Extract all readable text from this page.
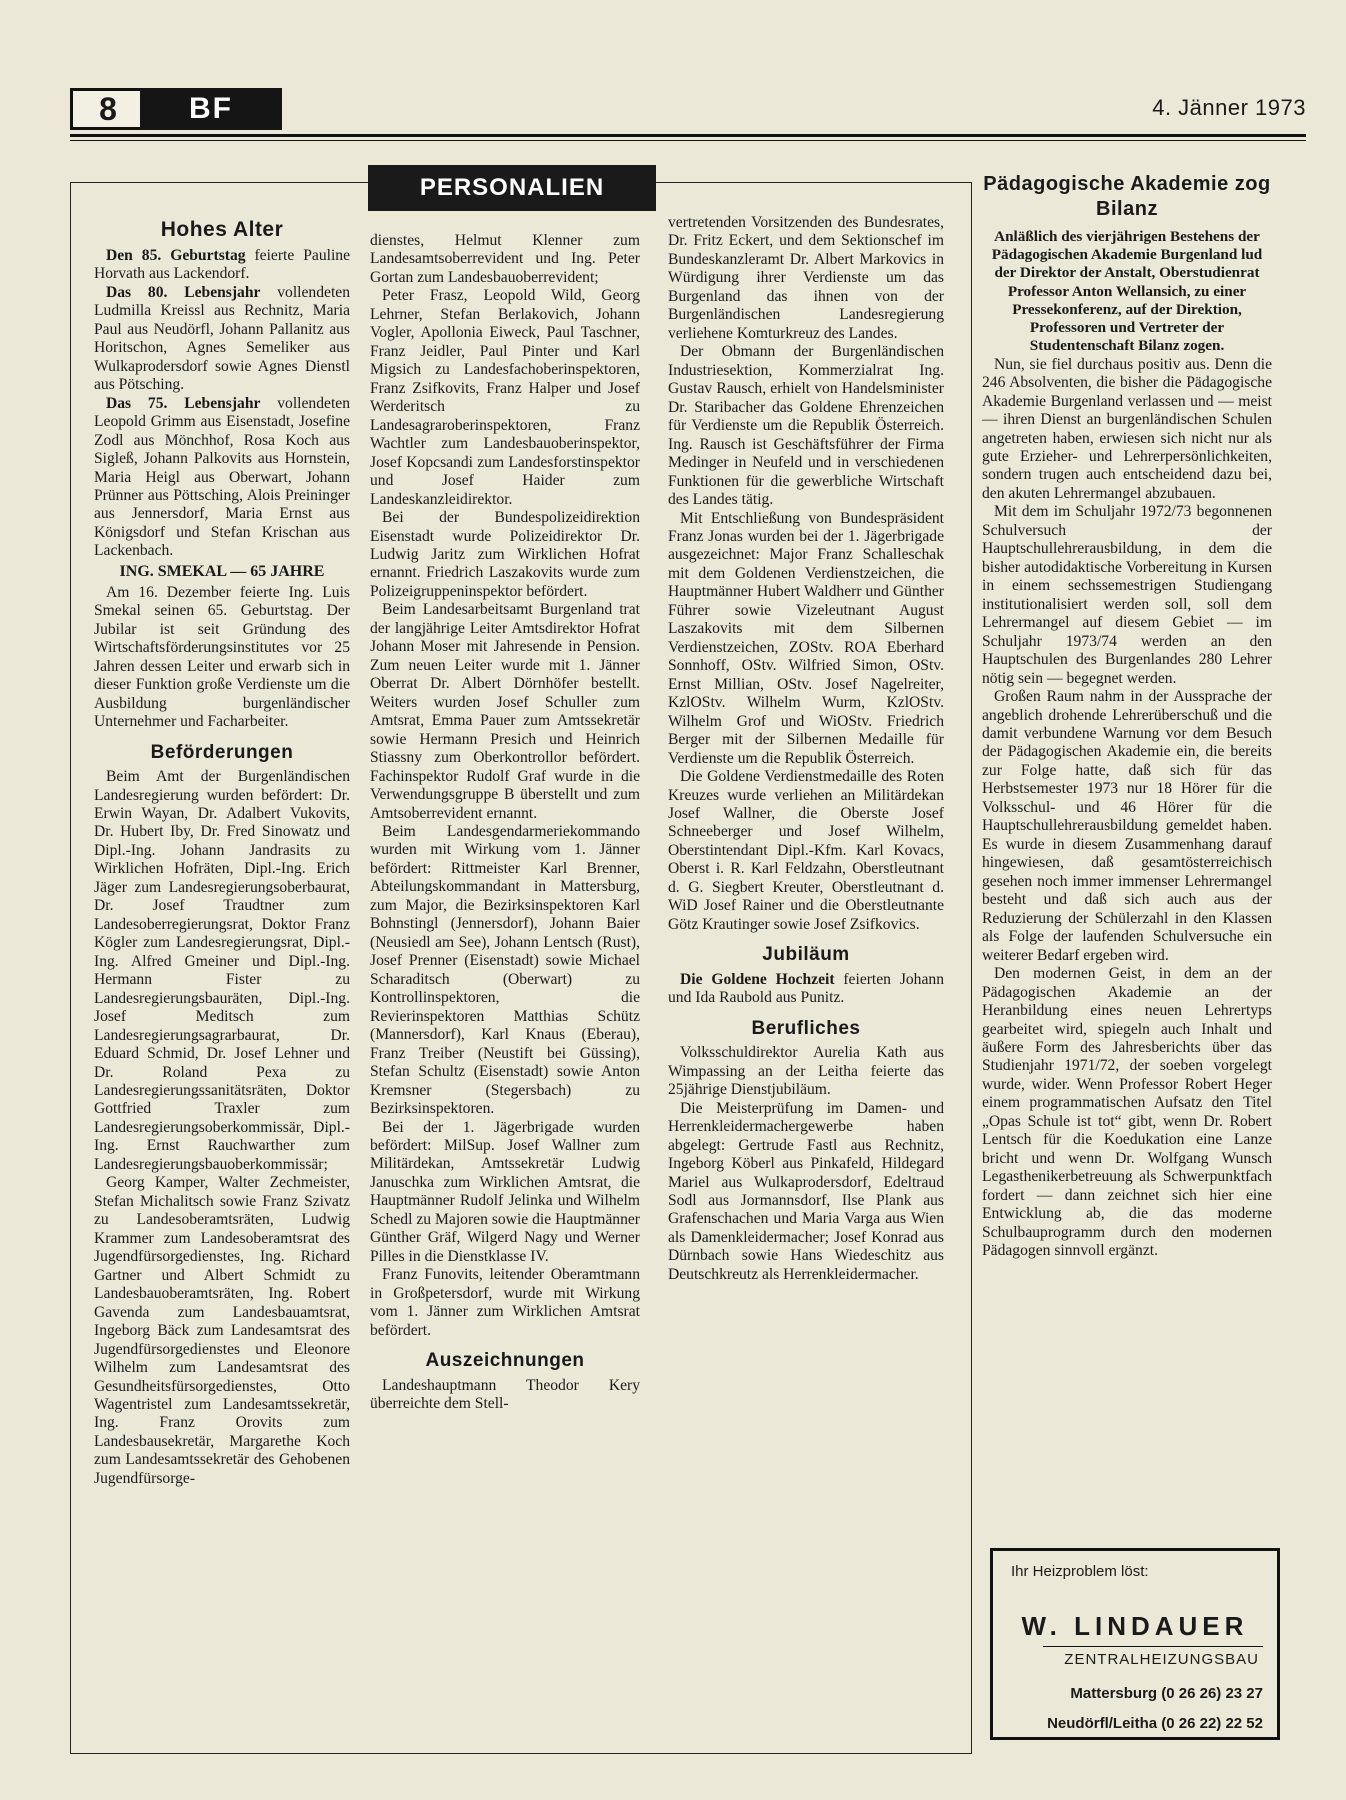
8	BF	4. Jänner 1973
PERSONALIEN
Hohes Alter

Den 85. Geburtstag feierte Pauline Horvath aus Lackendorf.

Das 80. Lebensjahr vollendeten Ludmilla Kreissl aus Rechnitz, Maria Paul aus Neudörfl, Johann Pallanitz aus Horitschon, Agnes Semeliker aus Wulkaprodersdorf sowie Agnes Dienstl aus Pötsching.

Das 75. Lebensjahr vollendeten Leopold Grimm aus Eisenstadt, Josefine Zodl aus Mönchhof, Rosa Koch aus Sigleß, Johann Palkovits aus Hornstein, Maria Heigl aus Oberwart, Johann Prünner aus Pöttsching, Alois Preininger aus Jennersdorf, Maria Ernst aus Königsdorf und Stefan Krischan aus Lackenbach.

ING. SMEKAL — 65 JAHRE

Am 16. Dezember feierte Ing. Luis Smekal seinen 65. Geburtstag. Der Jubilar ist seit Gründung des Wirtschaftsförderungsinstitutes vor 25 Jahren dessen Leiter und erwarb sich in dieser Funktion große Verdienste um die Ausbildung burgenländischer Unternehmer und Facharbeiter.

Beförderungen

Beim Amt der Burgenländischen Landesregierung wurden befördert: Dr. Erwin Wayan, Dr. Adalbert Vukovits, Dr. Hubert Iby, Dr. Fred Sinowatz und Dipl.-Ing. Johann Jandrasits zu Wirklichen Hofräten, Dipl.-Ing. Erich Jäger zum Landesregierungsoberbaurat, Dr. Josef Traudtner zum Landesoberregierungsrat, Doktor Franz Kögler zum Landesregierungsrat, Dipl.-Ing. Alfred Gmeiner und Dipl.-Ing. Hermann Fister zu Landesregierungsbauräten, Dipl.-Ing. Josef Meditsch zum Landesregierungsagrarbaurat, Dr. Eduard Schmid, Dr. Josef Lehner und Dr. Roland Pexa zu Landesregierungssanitätsräten, Doktor Gottfried Traxler zum Landesregierungsoberkommissär, Dipl.-Ing. Ernst Rauchwarther zum Landesregierungsbauoberkommissär;

Georg Kamper, Walter Zechmeister, Stefan Michalitsch sowie Franz Szivatz zu Landesoberamtsräten, Ludwig Krammer zum Landesoberamtsrat des Jugendfürsorgedienstes, Ing. Richard Gartner und Albert Schmidt zu Landesbauoberamtsräten, Ing. Robert Gavenda zum Landesbauamtsrat, Ingeborg Bäck zum Landesamtsrat des Jugendfürsorgedienstes und Eleonore Wilhelm zum Landesamtsrat des Gesundheitsfürsorgedienstes, Otto Wagentristel zum Landesamtssekretär, Ing. Franz Orovits zum Landesbausekretär, Margarethe Koch zum Landesamtssekretär des Gehobenen Jugendfürsorge-

dienstes, Helmut Klenner zum Landesamtsoberrevident und Ing. Peter Gortan zum Landesbauoberrevident;

Peter Frasz, Leopold Wild, Georg Lehrner, Stefan Berlakovich, Johann Vogler, Apollonia Eiweck, Paul Taschner, Franz Jeidler, Paul Pinter und Karl Migsich zu Landesfachoberinspektoren, Franz Zsifkovits, Franz Halper und Josef Werderitsch zu Landesagraroberinspektoren, Franz Wachtler zum Landesbauoberinspektor, Josef Kopcsandi zum Landesforstinspektor und Josef Haider zum Landeskanzleidirektor.

Bei der Bundespolizeidirektion Eisenstadt wurde Polizeidirektor Dr. Ludwig Jaritz zum Wirklichen Hofrat ernannt. Friedrich Laszakovits wurde zum Polizeigruppeninspektor befördert.

Beim Landesarbeitsamt Burgenland trat der langjährige Leiter Amtsdirektor Hofrat Johann Moser mit Jahresende in Pension. Zum neuen Leiter wurde mit 1. Jänner Oberrat Dr. Albert Dörnhöfer bestellt. Weiters wurden Josef Schuller zum Amtsrat, Emma Pauer zum Amtssekretär sowie Hermann Presich und Heinrich Stiassny zum Oberkontrollor befördert. Fachinspektor Rudolf Graf wurde in die Verwendungsgruppe B überstellt und zum Amtsoberrevident ernannt.

Beim Landesgendarmeriekommando wurden mit Wirkung vom 1. Jänner befördert: Rittmeister Karl Brenner, Abteilungskommandant in Mattersburg, zum Major, die Bezirksinspektoren Karl Bohnstingl (Jennersdorf), Johann Baier (Neusiedl am See), Johann Lentsch (Rust), Josef Prenner (Eisenstadt) sowie Michael Scharaditsch (Oberwart) zu Kontrollinspektoren, die Revierinspektoren Matthias Schütz (Mannersdorf), Karl Knaus (Eberau), Franz Treiber (Neustift bei Güssing), Stefan Schultz (Eisenstadt) sowie Anton Kremsner (Stegersbach) zu Bezirksinspektoren.

Bei der 1. Jägerbrigade wurden befördert: MilSup. Josef Wallner zum Militärdekan, Amtssekretär Ludwig Januschka zum Wirklichen Amtsrat, die Hauptmänner Rudolf Jelinka und Wilhelm Schedl zu Majoren sowie die Hauptmänner Günther Gräf, Wilgerd Nagy und Werner Pilles in die Dienstklasse IV.

Franz Funovits, leitender Oberamtmann in Großpetersdorf, wurde mit Wirkung vom 1. Jänner zum Wirklichen Amtsrat befördert.

Auszeichnungen

Landeshauptmann Theodor Kery überreichte dem Stell-

vertretenden Vorsitzenden des Bundesrates, Dr. Fritz Eckert, und dem Sektionschef im Bundeskanzleramt Dr. Albert Markovics in Würdigung ihrer Verdienste um das Burgenland das ihnen von der Burgenländischen Landesregierung verliehene Komturkreuz des Landes.

Der Obmann der Burgenländischen Industriesektion, Kommerzialrat Ing. Gustav Rausch, erhielt von Handelsminister Dr. Staribacher das Goldene Ehrenzeichen für Verdienste um die Republik Österreich. Ing. Rausch ist Geschäftsführer der Firma Medinger in Neufeld und in verschiedenen Funktionen für die gewerbliche Wirtschaft des Landes tätig.

Mit Entschließung von Bundespräsident Franz Jonas wurden bei der 1. Jägerbrigade ausgezeichnet: Major Franz Schalleschak mit dem Goldenen Verdienstzeichen, die Hauptmänner Hubert Waldherr und Günther Führer sowie Vizeleutnant August Laszakovits mit dem Silbernen Verdienstzeichen, ZOStv. ROA Eberhard Sonnhoff, OStv. Wilfried Simon, OStv. Ernst Millian, OStv. Josef Nagelreiter, KzlOStv. Wilhelm Wurm, KzlOStv. Wilhelm Grof und WiOStv. Friedrich Berger mit der Silbernen Medaille für Verdienste um die Republik Österreich.

Die Goldene Verdienstmedaille des Roten Kreuzes wurde verliehen an Militärdekan Josef Wallner, die Oberste Josef Schneeberger und Josef Wilhelm, Oberstintendant Dipl.-Kfm. Karl Kovacs, Oberst i. R. Karl Feldzahn, Oberstleutnant d. G. Siegbert Kreuter, Oberstleutnant d. WiD Josef Rainer und die Oberstleutnante Götz Krautinger sowie Josef Zsifkovics.

Jubiläum

Die Goldene Hochzeit feierten Johann und Ida Raubold aus Punitz.

Berufliches

Volksschuldirektor Aurelia Kath aus Wimpassing an der Leitha feierte das 25jährige Dienstjubiläum.

Die Meisterprüfung im Damen- und Herrenkleidermachergewerbe haben abgelegt: Gertrude Fastl aus Rechnitz, Ingeborg Köberl aus Pinkafeld, Hildegard Mariel aus Wulkaprodersdorf, Edeltraud Sodl aus Jormannsdorf, Ilse Plank aus Grafenschachen und Maria Varga aus Wien als Damenkleidermacher; Josef Konrad aus Dürnbach sowie Hans Wiedeschitz aus Deutschkreutz als Herrenkleidermacher.

Pädagogische Akademie zog Bilanz
Anläßlich des vierjährigen Bestehens der Pädagogischen Akademie Burgenland lud der Direktor der Anstalt, Oberstudienrat Professor Anton Wellansich, zu einer Pressekonferenz, auf der Direktion, Professoren und Vertreter der Studentenschaft Bilanz zogen.

Nun, sie fiel durchaus positiv aus. Denn die 246 Absolventen, die bisher die Pädagogische Akademie Burgenland verlassen und — meist — ihren Dienst an burgenländischen Schulen angetreten haben, erwiesen sich nicht nur als gute Erzieher- und Lehrerpersönlichkeiten, sondern trugen auch entscheidend dazu bei, den akuten Lehrermangel abzubauen.

Mit dem im Schuljahr 1972/73 begonnenen Schulversuch der Hauptschullehrerausbildung, in dem die bisher autodidaktische Vorbereitung in Kursen in einem sechssemestrigen Studiengang institutionalisiert werden soll, soll dem Lehrermangel auf diesem Gebiet — im Schuljahr 1973/74 werden an den Hauptschulen des Burgenlandes 280 Lehrer nötig sein — begegnet werden.

Großen Raum nahm in der Aussprache der angeblich drohende Lehrerüberschuß und die damit verbundene Warnung vor dem Besuch der Pädagogischen Akademie ein, die bereits zur Folge hatte, daß sich für das Herbstsemester 1973 nur 18 Hörer für die Volksschul- und 46 Hörer für die Hauptschullehrerausbildung gemeldet haben. Es wurde in diesem Zusammenhang darauf hingewiesen, daß gesamtösterreichisch gesehen noch immer immenser Lehrermangel besteht und daß sich auch aus der Reduzierung der Schülerzahl in den Klassen als Folge der laufenden Schulversuche ein weiterer Bedarf ergeben wird.

Den modernen Geist, in dem an der Pädagogischen Akademie an der Heranbildung eines neuen Lehrertyps gearbeitet wird, spiegeln auch Inhalt und äußere Form des Jahresberichts über das Studienjahr 1971/72, der soeben vorgelegt wurde, wider. Wenn Professor Robert Heger einem programmatischen Aufsatz den Titel „Opas Schule ist tot“ gibt, wenn Dr. Robert Lentsch für die Koedukation eine Lanze bricht und wenn Dr. Wolfgang Wunsch Legasthenikerbetreuung als Schwerpunktfach fordert — dann zeichnet sich hier eine Entwicklung ab, die das moderne Schulbauprogramm durch den modernen Pädagogen sinnvoll ergänzt.

Ihr Heizproblem löst:
W. LINDAUER
ZENTRALHEIZUNGSBAU
Mattersburg (0 26 26) 23 27
Neudörfl/Leitha (0 26 22) 22 52
